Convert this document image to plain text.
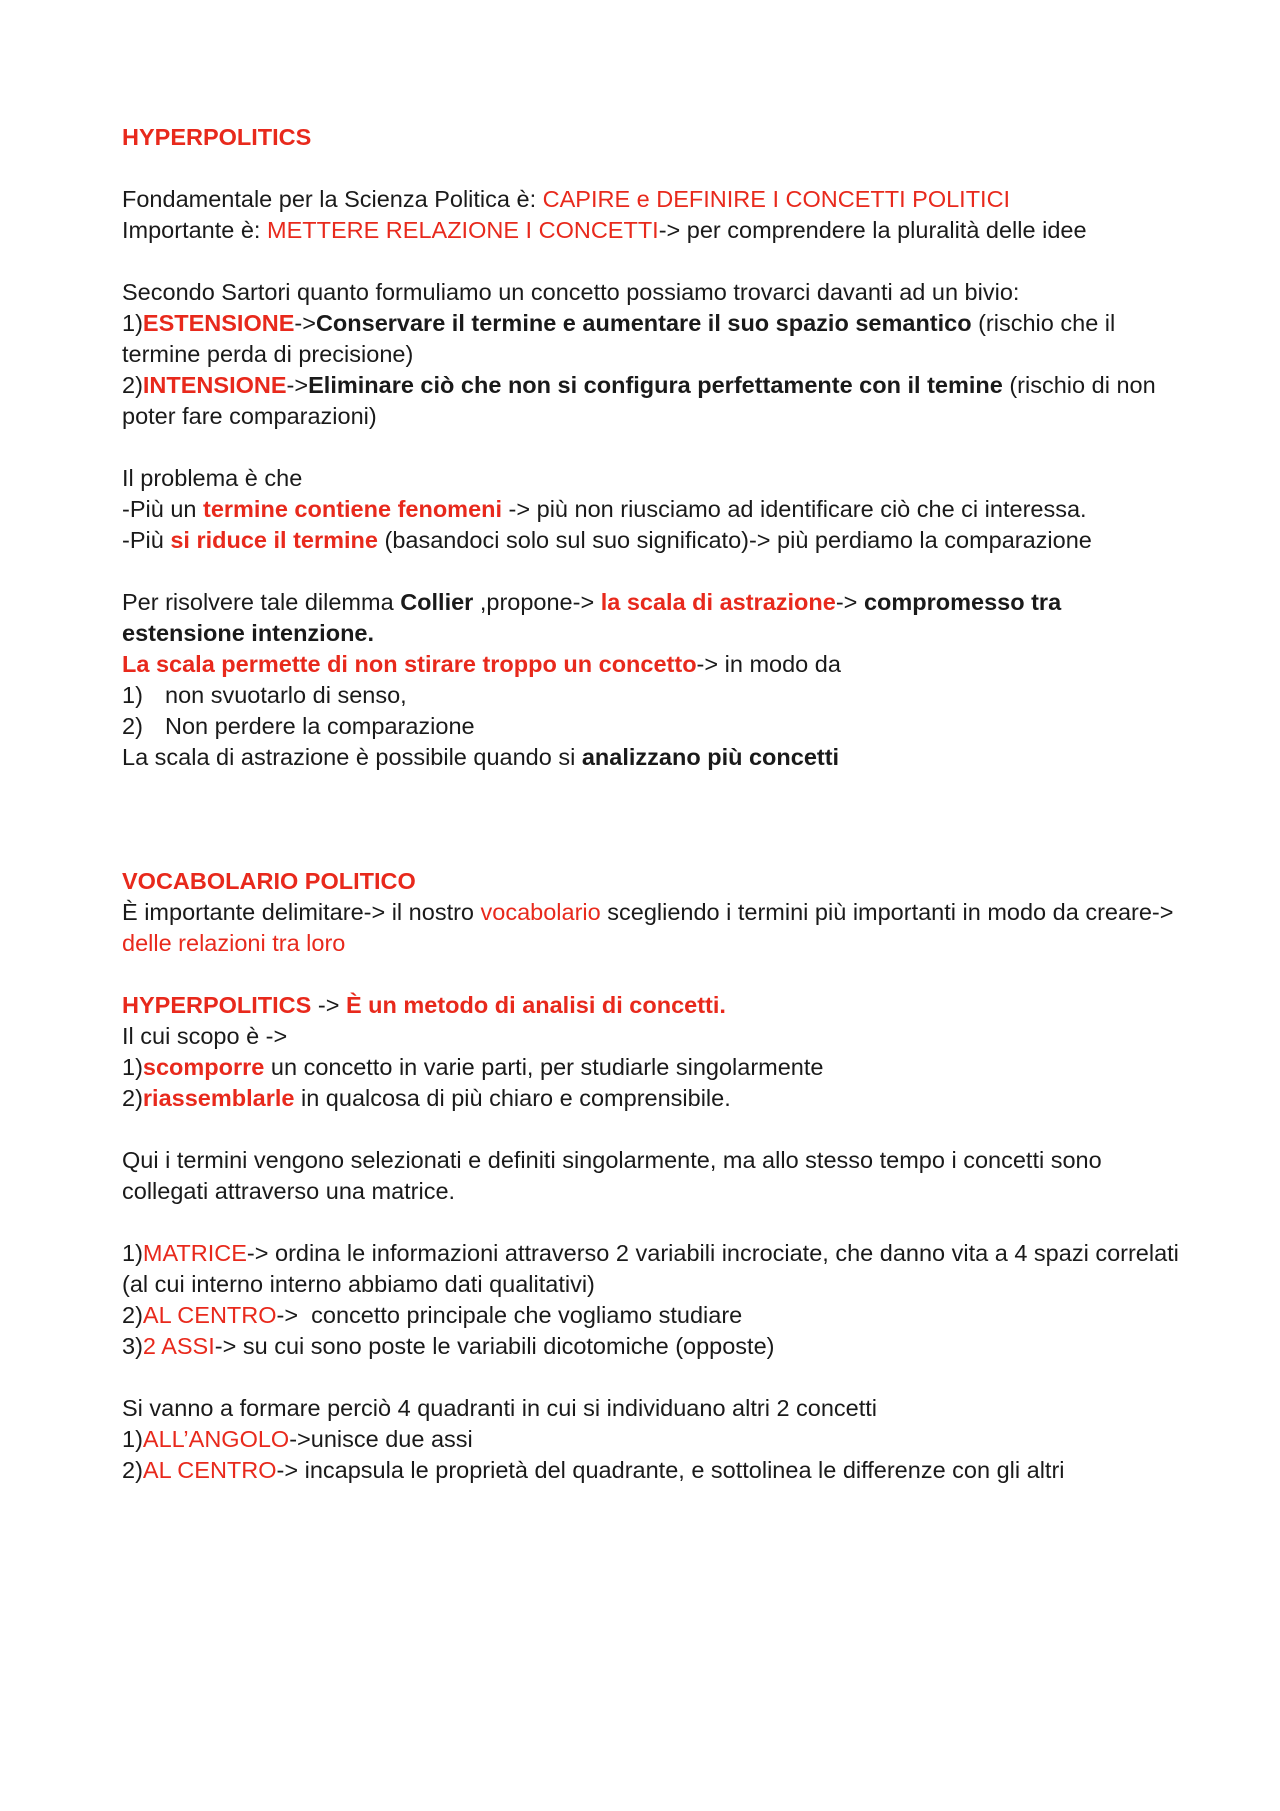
HYPERPOLITICS

Fondamentale per la Scienza Politica è: CAPIRE e DEFINIRE I CONCETTI POLITICI

Importante è: METTERE RELAZIONE I CONCETTI-> per comprendere la pluralità delle idee

Secondo Sartori quanto formuliamo un concetto possiamo trovarci davanti ad un bivio:

1)ESTENSIONE->Conservare il termine e aumentare il suo spazio semantico (rischio che il termine perda di precisione)

2)INTENSIONE->Eliminare ciò che non si configura perfettamente con il temine (rischio di non poter fare comparazioni)

Il problema è che

-Più un termine contiene fenomeni -> più non riusciamo ad identificare ciò che ci interessa.

-Più si riduce il termine (basandoci solo sul suo significato)-> più perdiamo la comparazione

Per risolvere tale dilemma Collier ,propone-> la scala di astrazione-> compromesso tra estensione intenzione.

La scala permette di non stirare troppo un concetto-> in modo da

1) non svuotarlo di senso,
2) Non perdere la comparazione

La scala di astrazione è possibile quando si analizzano più concetti

VOCABOLARIO POLITICO

È importante delimitare-> il nostro vocabolario scegliendo i termini più importanti in modo da creare-> delle relazioni tra loro

HYPERPOLITICS -> È un metodo di analisi di concetti.

Il cui scopo è ->

1)scomporre un concetto in varie parti, per studiarle singolarmente

2)riassemblarle in qualcosa di più chiaro e comprensibile.

Qui i termini vengono selezionati e definiti singolarmente, ma allo stesso tempo i concetti sono collegati attraverso una matrice.

1)MATRICE-> ordina le informazioni attraverso 2 variabili incrociate, che danno vita a 4 spazi correlati (al cui interno interno abbiamo dati qualitativi)

2)AL CENTRO->  concetto principale che vogliamo studiare

3)2 ASSI-> su cui sono poste le variabili dicotomiche (opposte)

Si vanno a formare perciò 4 quadranti in cui si individuano altri 2 concetti

1)ALL’ANGOLO->unisce due assi

2)AL CENTRO-> incapsula le proprietà del quadrante, e sottolinea le differenze con gli altri
